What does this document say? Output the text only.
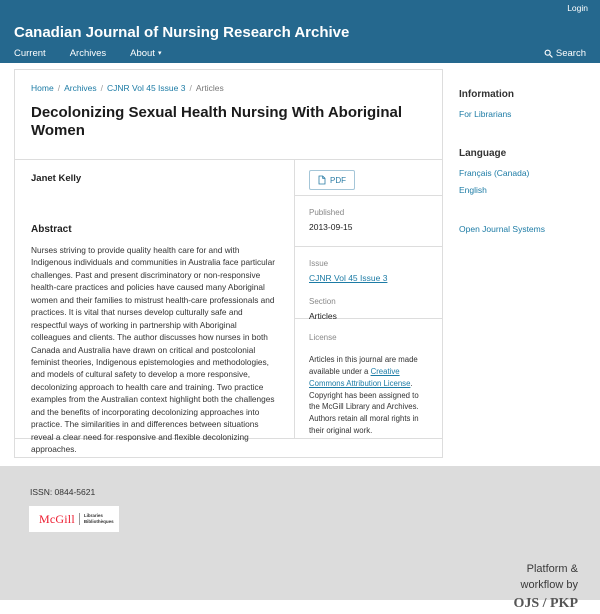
Login
Canadian Journal of Nursing Research Archive
Current	Archives	About ▾	Search
Home / Archives / CJNR Vol 45 Issue 3 / Articles
Decolonizing Sexual Health Nursing With Aboriginal Women
Janet Kelly
Abstract

Nurses striving to provide quality health care for and with Indigenous individuals and communities in Australia face particular challenges. Past and present discriminatory or non-responsive health-care practices and policies have caused many Aboriginal women and their families to mistrust health-care professionals and practices. It is vital that nurses develop culturally safe and respectful ways of working in partnership with Aboriginal colleagues and clients. The author discusses how nurses in both Canada and Australia have drawn on critical and postcolonial feminist theories, Indigenous epistemologies and methodologies, and models of cultural safety to develop a more responsive, decolonizing approach to health care and training. Two practice examples from the Australian context highlight both the challenges and the benefits of incorporating decolonizing approaches into practice. The similarities in and differences between situations reveal a clear need for responsive and flexible decolonizing approaches.

PDF
Published
2013-09-15
Issue
CJNR Vol 45 Issue 3
Section
Articles
License

Articles in this journal are made available under a Creative Commons Attribution License. Copyright has been assigned to the McGill Library and Archives. Authors retain all moral rights in their original work.

Information
For Librarians
Language
Français (Canada)
English
Open Journal Systems
ISSN: 0844-5621
McGill Libraries
Bibliothèques
Platform &
workflow by
OJS / PKP
